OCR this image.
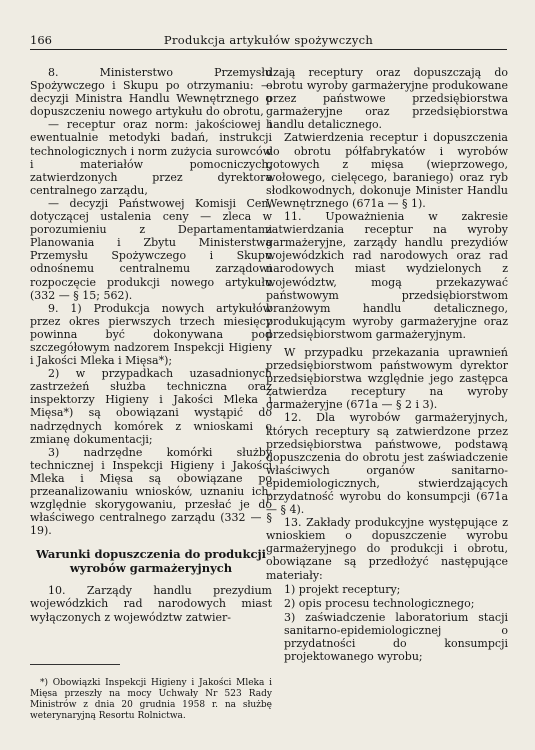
166	Produkcja artykułów spożywczych

8. Ministerstwo Przemysłu Spożywczego i Skupu po otrzymaniu: — decyzji Ministra Handlu Wewnętrznego o dopuszczeniu nowego artykułu do obrotu,

— receptur oraz norm: jakościowej i ewentualnie metodyki badań, instrukcji technologicznych i norm zużycia surowców i materiałów pomocniczych, zatwierdzonych przez dyrektora centralnego zarządu,

— decyzji Państwowej Komisji Cen, dotyczącej ustalenia ceny — zleca w porozumieniu z Departamentami Planowania i Zbytu Ministerstwa Przemysłu Spożywczego i Skupu odnośnemu centralnemu zarządowi rozpoczęcie produkcji nowego artykułu (332 — § 15; 562).

9. 1) Produkcja nowych artykułów przez okres pierwszych trzech miesięcy powinna być dokonywana pod szczegółowym nadzorem Inspekcji Higieny i Jakości Mleka i Mięsa*);

2) w przypadkach uzasadnionych zastrzeżeń służba techniczna oraz inspektorzy Higieny i Jakości Mleka i Mięsa*) są obowiązani wystąpić do nadrzędnych komórek z wnioskami o zmianę dokumentacji;

3) nadrzędne komórki służby technicznej i Inspekcji Higieny i Jakości Mleka i Mięsa są obowiązane po przeanalizowaniu wniosków, uznaniu ich, względnie skorygowaniu, przesłać je do właściwego centralnego zarządu (332 — § 19).

Warunki dopuszczenia do produkcji wyrobów garmażeryjnych

10. Zarządy handlu prezydium wojewódzkich rad narodowych miast wyłączonych z województw zatwier-

dzają receptury oraz dopuszczają do obrotu wyroby garmażeryjne produkowane przez państwowe przedsiębiorstwa garmażeryjne oraz przedsiębiorstwa handlu detalicznego.

Zatwierdzenia receptur i dopuszczenia do obrotu półfabrykatów i wyrobów gotowych z mięsa (wieprzowego, wołowego, cielęcego, baraniego) oraz ryb słodkowodnych, dokonuje Minister Handlu Wewnętrznego (671a — § 1).

11. Upoważnienia w zakresie zatwierdzania receptur na wyroby garmażeryjne, zarządy handlu prezydiów wojewódzkich rad narodowych oraz rad narodowych miast wydzielonych z województw, mogą przekazywać państwowym przedsiębiorstwom branżowym handlu detalicznego, produkującym wyroby garmażeryjne oraz przedsiębiorstwom garmażeryjnym.

W przypadku przekazania uprawnień przedsiębiorstwom państwowym dyrektor przedsiębiorstwa względnie jego zastępca zatwierdza receptury na wyroby garmażeryjne (671a — § 2 i 3).

12. Dla wyrobów garmażeryjnych, których receptury są zatwierdzone przez przedsiębiorstwa państwowe, podstawą dopuszczenia do obrotu jest zaświadczenie właściwych organów sanitarno-epidemiologicznych, stwierdzających przydatność wyrobu do konsumpcji (671a — § 4).

13. Zakłady produkcyjne występujące z wnioskiem o dopuszczenie wyrobu garmażeryjnego do produkcji i obrotu, obowiązane są przedłożyć następujące materiały:

1) projekt receptury;

2) opis procesu technologicznego;

3) zaświadczenie laboratorium stacji sanitarno-epidemiologicznej o przydatności do konsumpcji projektowanego wyrobu;

*) Obowiązki Inspekcji Higieny i Jakości Mleka i Mięsa przeszły na mocy Uchwały Nr 523 Rady Ministrów z dnia 20 grudnia 1958 r. na służbę weterynaryjną Resortu Rolnictwa.
